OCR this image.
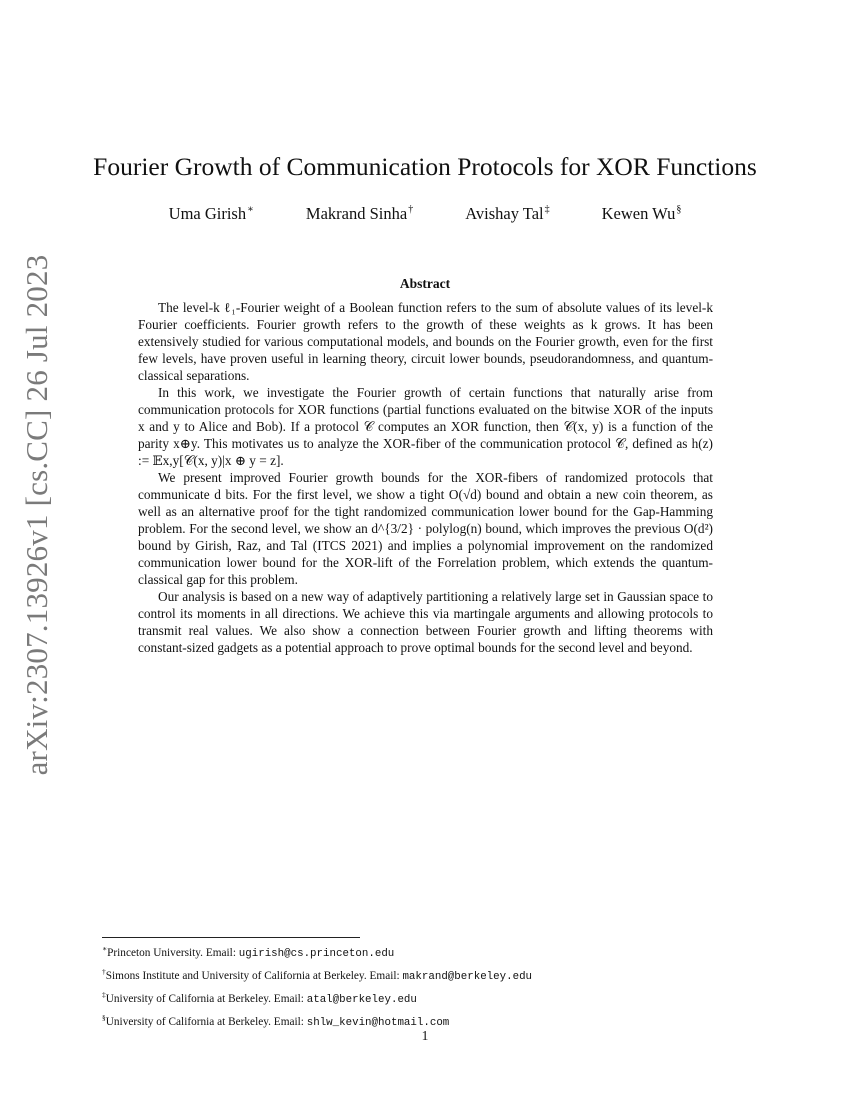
arXiv:2307.13926v1 [cs.CC] 26 Jul 2023
Fourier Growth of Communication Protocols for XOR Functions
Uma Girish∗	Makrand Sinha†	Avishay Tal‡	Kewen Wu§
Abstract

The level-k ℓ₁-Fourier weight of a Boolean function refers to the sum of absolute values of its level-k Fourier coefficients. Fourier growth refers to the growth of these weights as k grows. It has been extensively studied for various computational models, and bounds on the Fourier growth, even for the first few levels, have proven useful in learning theory, circuit lower bounds, pseudorandomness, and quantum-classical separations.

In this work, we investigate the Fourier growth of certain functions that naturally arise from communication protocols for XOR functions (partial functions evaluated on the bitwise XOR of the inputs x and y to Alice and Bob). If a protocol 𝒞 computes an XOR function, then 𝒞(x, y) is a function of the parity x⊕y. This motivates us to analyze the XOR-fiber of the communication protocol 𝒞, defined as h(z) := 𝔼x,y[𝒞(x, y)|x ⊕ y = z].

We present improved Fourier growth bounds for the XOR-fibers of randomized protocols that communicate d bits. For the first level, we show a tight O(√d) bound and obtain a new coin theorem, as well as an alternative proof for the tight randomized communication lower bound for the Gap-Hamming problem. For the second level, we show an d^{3/2} · polylog(n) bound, which improves the previous O(d²) bound by Girish, Raz, and Tal (ITCS 2021) and implies a polynomial improvement on the randomized communication lower bound for the XOR-lift of the Forrelation problem, which extends the quantum-classical gap for this problem.

Our analysis is based on a new way of adaptively partitioning a relatively large set in Gaussian space to control its moments in all directions. We achieve this via martingale arguments and allowing protocols to transmit real values. We also show a connection between Fourier growth and lifting theorems with constant-sized gadgets as a potential approach to prove optimal bounds for the second level and beyond.

∗Princeton University. Email: ugirish@cs.princeton.edu
†Simons Institute and University of California at Berkeley. Email: makrand@berkeley.edu
‡University of California at Berkeley. Email: atal@berkeley.edu
§University of California at Berkeley. Email: shlw_kevin@hotmail.com
1
